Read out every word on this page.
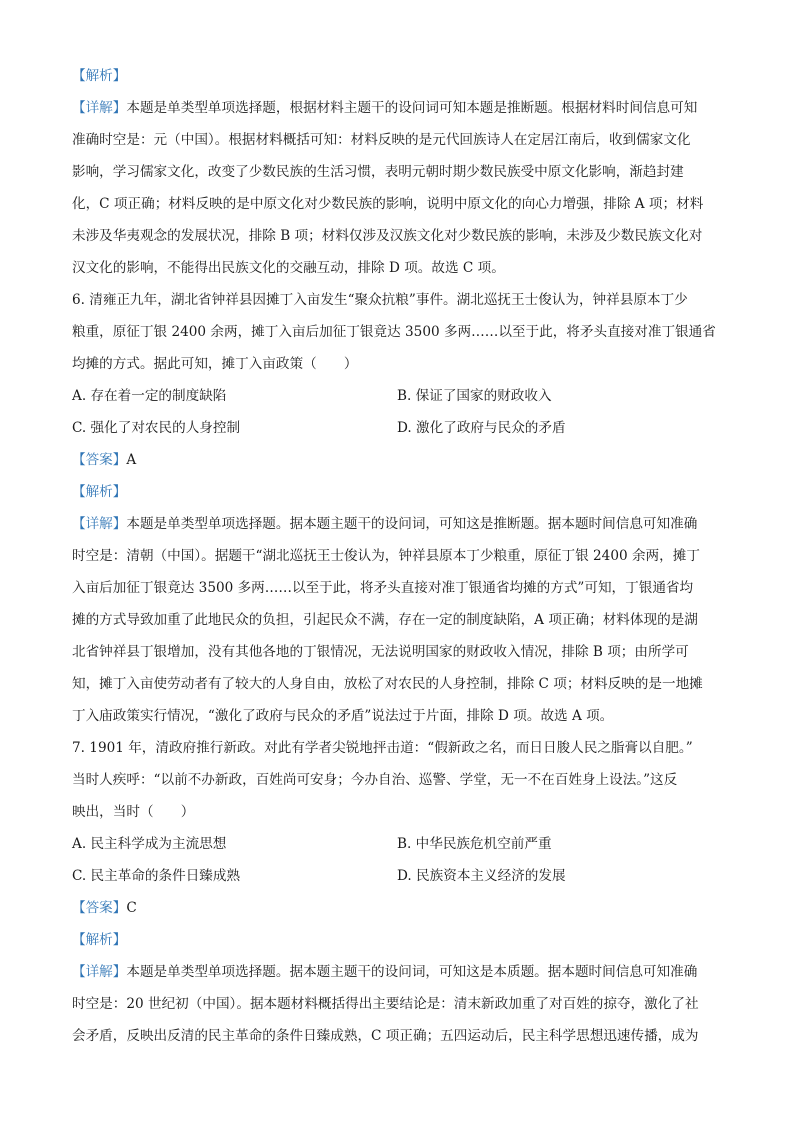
【解析】
【详解】本题是单类型单项选择题，根据材料主题干的设问词可知本题是推断题。根据材料时间信息可知
准确时空是：元（中国）。根据材料概括可知：材料反映的是元代回族诗人在定居江南后，收到儒家文化
影响，学习儒家文化，改变了少数民族的生活习惯，表明元朝时期少数民族受中原文化影响，渐趋封建
化，C 项正确；材料反映的是中原文化对少数民族的影响，说明中原文化的向心力增强，排除 A 项；材料
未涉及华夷观念的发展状况，排除 B 项；材料仅涉及汉族文化对少数民族的影响，未涉及少数民族文化对
汉文化的影响，不能得出民族文化的交融互动，排除 D 项。故选 C 项。
6. 清雍正九年，湖北省钟祥县因摊丁入亩发生“聚众抗粮”事件。湖北巡抚王士俊认为，钟祥县原本丁少
粮重，原征丁银 2400 余两，摊丁入亩后加征丁银竟达 3500 多两……以至于此，将矛头直接对准丁银通省
均摊的方式。据此可知，摊丁入亩政策（　　）
A. 存在着一定的制度缺陷	B. 保证了国家的财政收入
C. 强化了对农民的人身控制	D. 激化了政府与民众的矛盾
【答案】A
【解析】
【详解】本题是单类型单项选择题。据本题主题干的设问词，可知这是推断题。据本题时间信息可知准确
时空是：清朝（中国）。据题干“湖北巡抚王士俊认为，钟祥县原本丁少粮重，原征丁银 2400 余两，摊丁
入亩后加征丁银竟达 3500 多两……以至于此，将矛头直接对准丁银通省均摊的方式”可知，丁银通省均
摊的方式导致加重了此地民众的负担，引起民众不满，存在一定的制度缺陷，A 项正确；材料体现的是湖
北省钟祥县丁银增加，没有其他各地的丁银情况，无法说明国家的财政收入情况，排除 B 项；由所学可
知，摊丁入亩使劳动者有了较大的人身自由，放松了对农民的人身控制，排除 C 项；材料反映的是一地摊
丁入庙政策实行情况，“激化了政府与民众的矛盾”说法过于片面，排除 D 项。故选 A 项。
7. 1901 年，清政府推行新政。对此有学者尖锐地抨击道：“假新政之名，而日日朘人民之脂膏以自肥。”
当时人疾呼：“以前不办新政，百姓尚可安身；今办自治、巡警、学堂，无一不在百姓身上设法。”这反
映出，当时（　　）
A. 民主科学成为主流思想	B. 中华民族危机空前严重
C. 民主革命的条件日臻成熟	D. 民族资本主义经济的发展
【答案】C
【解析】
【详解】本题是单类型单项选择题。据本题主题干的设问词，可知这是本质题。据本题时间信息可知准确
时空是：20 世纪初（中国）。据本题材料概括得出主要结论是：清末新政加重了对百姓的掠夺，激化了社
会矛盾，反映出反清的民主革命的条件日臻成熟，C 项正确；五四运动后，民主科学思想迅速传播，成为
